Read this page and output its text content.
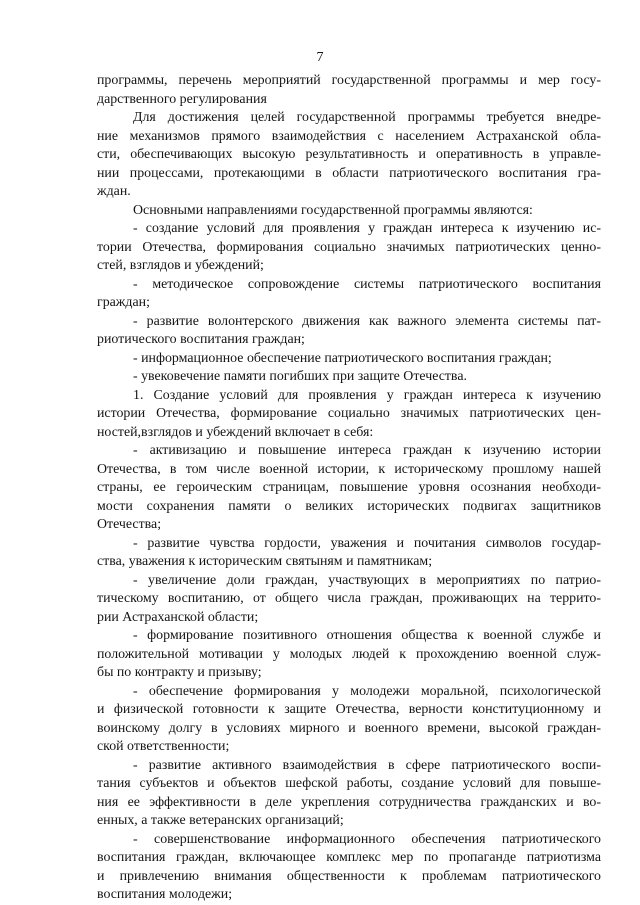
7
программы, перечень мероприятий государственной программы и мер госу-
дарственного регулирования
Для достижения целей государственной программы требуется внедре-
ние механизмов прямого взаимодействия с населением Астраханской обла-
сти, обеспечивающих высокую результативность и оперативность в управле-
нии процессами, протекающими в области патриотического воспитания гра-
ждан.
Основными направлениями государственной программы являются:
- создание условий для проявления у граждан интереса к изучению ис-
тории Отечества, формирования социально значимых патриотических ценно-
стей, взглядов и убеждений;
- методическое сопровождение системы патриотического воспитания
граждан;
- развитие волонтерского движения как важного элемента системы пат-
риотического воспитания граждан;
- информационное обеспечение патриотического воспитания граждан;
- увековечение памяти погибших при защите Отечества.
1. Создание условий для проявления у граждан интереса к изучению
истории Отечества, формирование социально значимых патриотических цен-
ностей,взглядов и убеждений включает в себя:
- активизацию и повышение интереса граждан к изучению истории
Отечества, в том числе военной истории, к историческому прошлому нашей
страны, ее героическим страницам, повышение уровня осознания необходи-
мости сохранения памяти о великих исторических подвигах защитников
Отечества;
- развитие чувства гордости, уважения и почитания символов государ-
ства, уважения к историческим святыням и памятникам;
- увеличение доли граждан, участвующих в мероприятиях по патрио-
тическому воспитанию, от общего числа граждан, проживающих на террито-
рии Астраханской области;
- формирование позитивного отношения общества к военной службе и
положительной мотивации у молодых людей к прохождению военной служ-
бы по контракту и призыву;
- обеспечение формирования у молодежи моральной, психологической
и физической готовности к защите Отечества, верности конституционному и
воинскому долгу в условиях мирного и военного времени, высокой граждан-
ской ответственности;
- развитие активного взаимодействия в сфере патриотического воспи-
тания субъектов и объектов шефской работы, создание условий для повыше-
ния ее эффективности в деле укрепления сотрудничества гражданских и во-
енных, а также ветеранских организаций;
- совершенствование информационного обеспечения патриотического
воспитания граждан, включающее комплекс мер по пропаганде патриотизма
и привлечению внимания общественности к проблемам патриотического
воспитания молодежи;
